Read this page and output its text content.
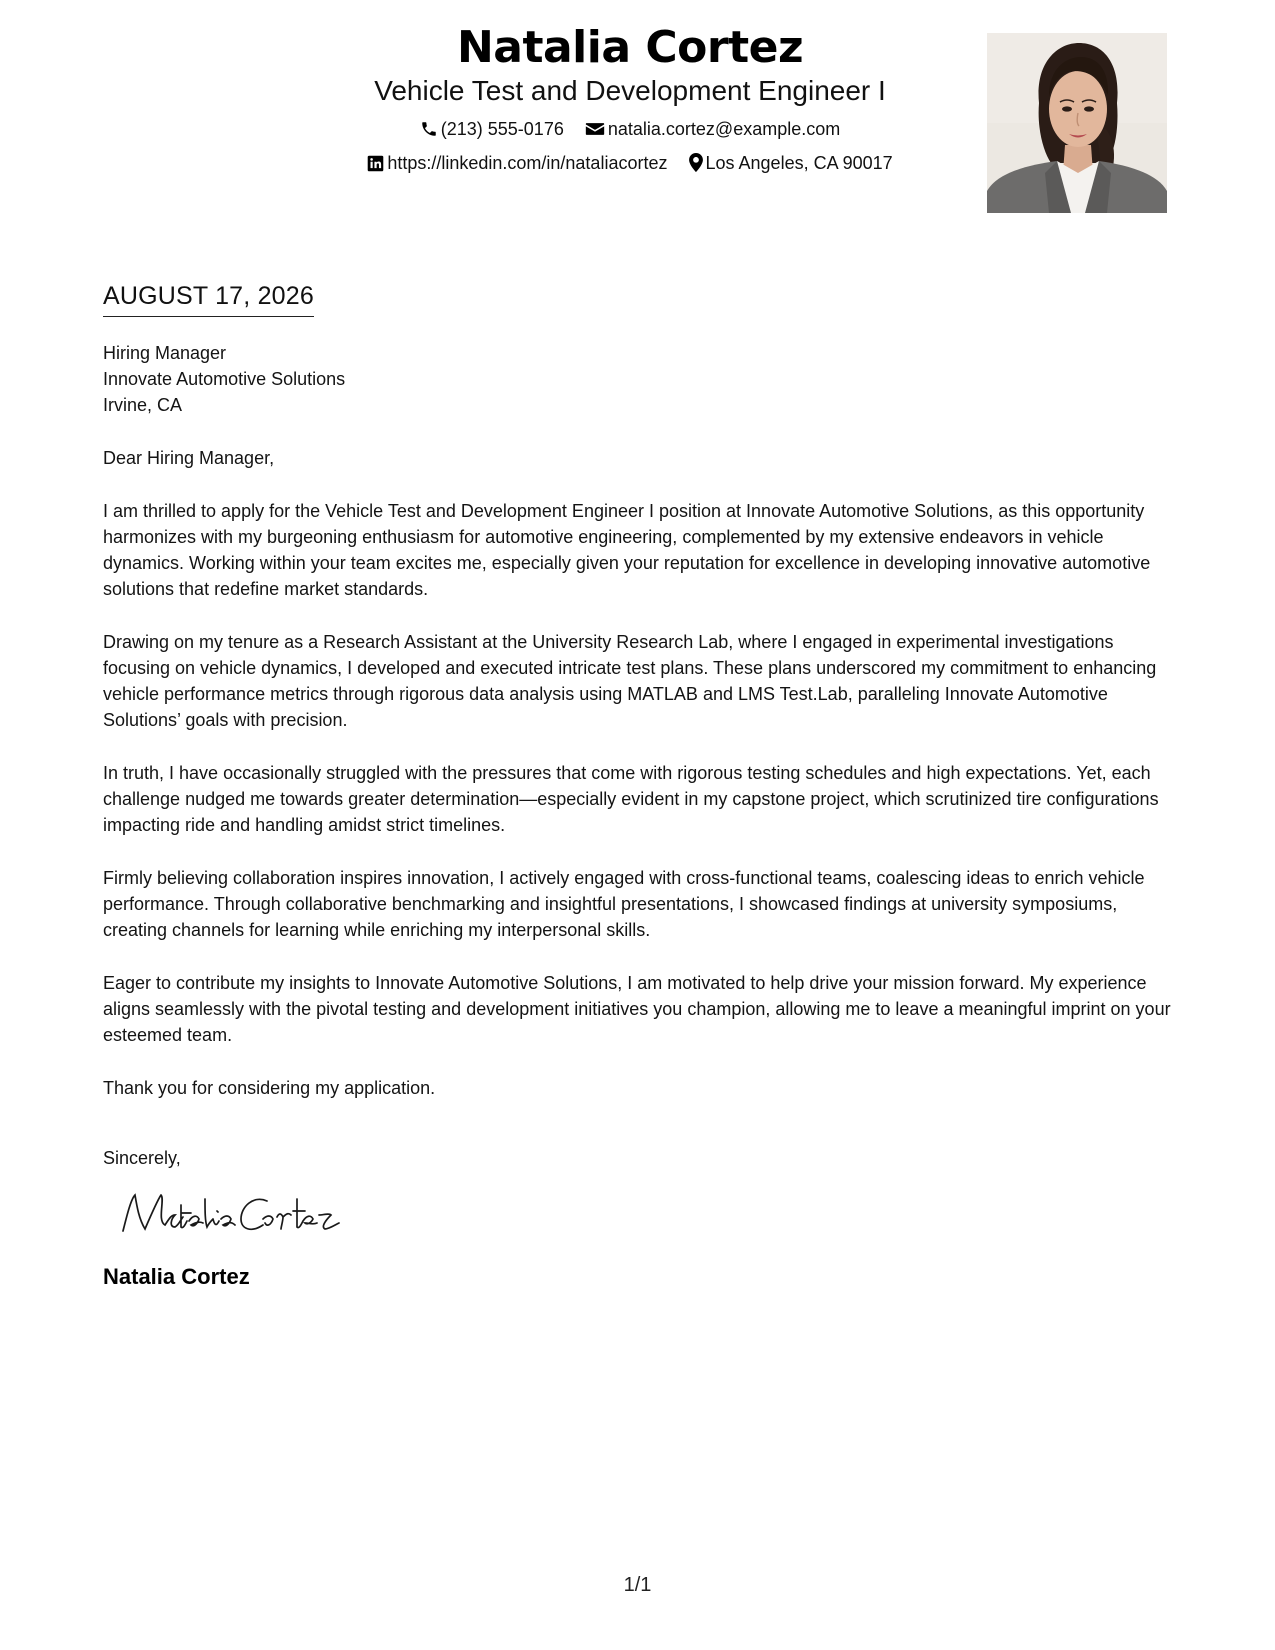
Natalia Cortez
Vehicle Test and Development Engineer I
(213) 555-0176 natalia.cortez@example.com
https://linkedin.com/in/nataliacortez Los Angeles, CA 90017
AUGUST 17, 2026

Hiring Manager

Innovate Automotive Solutions

Irvine, CA

Dear Hiring Manager,

I am thrilled to apply for the Vehicle Test and Development Engineer I position at Innovate Automotive Solutions, as this opportunity harmonizes with my burgeoning enthusiasm for automotive engineering, complemented by my extensive endeavors in vehicle dynamics. Working within your team excites me, especially given your reputation for excellence in developing innovative automotive solutions that redefine market standards.

Drawing on my tenure as a Research Assistant at the University Research Lab, where I engaged in experimental investigations focusing on vehicle dynamics, I developed and executed intricate test plans. These plans underscored my commitment to enhancing vehicle performance metrics through rigorous data analysis using MATLAB and LMS Test.Lab, paralleling Innovate Automotive Solutions’ goals with precision.

In truth, I have occasionally struggled with the pressures that come with rigorous testing schedules and high expectations. Yet, each challenge nudged me towards greater determination—especially evident in my capstone project, which scrutinized tire configurations impacting ride and handling amidst strict timelines.

Firmly believing collaboration inspires innovation, I actively engaged with cross-functional teams, coalescing ideas to enrich vehicle performance. Through collaborative benchmarking and insightful presentations, I showcased findings at university symposiums, creating channels for learning while enriching my interpersonal skills.

Eager to contribute my insights to Innovate Automotive Solutions, I am motivated to help drive your mission forward. My experience aligns seamlessly with the pivotal testing and development initiatives you champion, allowing me to leave a meaningful imprint on your esteemed team.

Thank you for considering my application.

Sincerely,

Natalia Cortez
1/1
